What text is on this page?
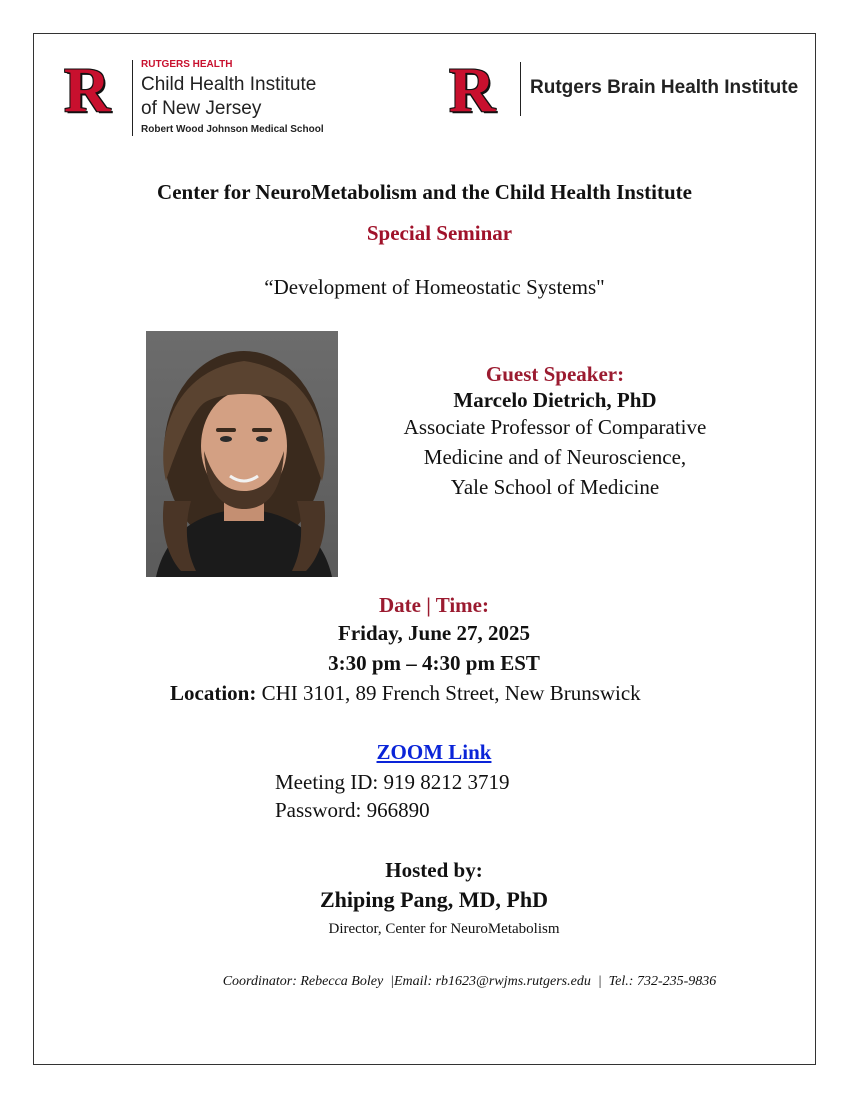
R	RUTGERS HEALTH
Child Health Institute
of New Jersey
Robert Wood Johnson Medical School
R Rutgers Brain Health Institute
Center for NeuroMetabolism and the Child Health Institute
Special Seminar
“Development of Homeostatic Systems"
Guest Speaker:
Marcelo Dietrich, PhD
Associate Professor of Comparative
Medicine and of Neuroscience,
Yale School of Medicine
Date | Time:
Friday, June 27, 2025
3:30 pm – 4:30 pm EST
Location: CHI 3101, 89 French Street, New Brunswick
ZOOM Link
Meeting ID: 919 8212 3719
Password: 966890
Hosted by:
Zhiping Pang, MD, PhD
Director, Center for NeuroMetabolism
Coordinator: Rebecca Boley  |Email: rb1623@rwjms.rutgers.edu  |  Tel.: 732-235-9836
